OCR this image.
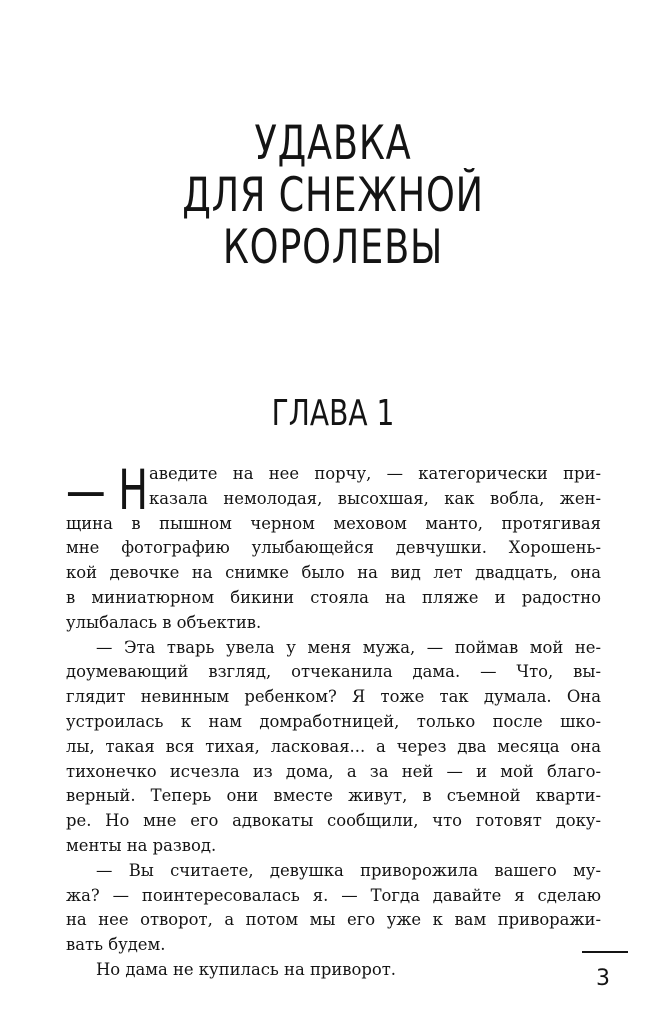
УДАВКА
ДЛЯ СНЕЖНОЙ
КОРОЛЕВЫ
ГЛАВА 1
— Н аведите на нее порчу, — категорически при-
казала немолодая, высохшая, как вобла, жен-
щина в пышном черном меховом манто, протягивая
мне фотографию улыбающейся девчушки. Хорошень-
кой девочке на снимке было на вид лет двадцать, она
в миниатюрном бикини стояла на пляже и радостно
улыбалась в объектив.
— Эта тварь увела у меня мужа, — поймав мой не-
доумевающий взгляд, отчеканила дама. — Что, вы-
глядит невинным ребенком? Я тоже так думала. Она
устроилась к нам домработницей, только после шко-
лы, такая вся тихая, ласковая... а через два месяца она
тихонечко исчезла из дома, а за ней — и мой благо-
верный. Теперь они вместе живут, в съемной кварти-
ре. Но мне его адвокаты сообщили, что готовят доку-
менты на развод.
— Вы считаете, девушка приворожила вашего му-
жа? — поинтересовалась я. — Тогда давайте я сделаю
на нее отворот, а потом мы его уже к вам приворажи-
вать будем.
Но дама не купилась на приворот.	3
